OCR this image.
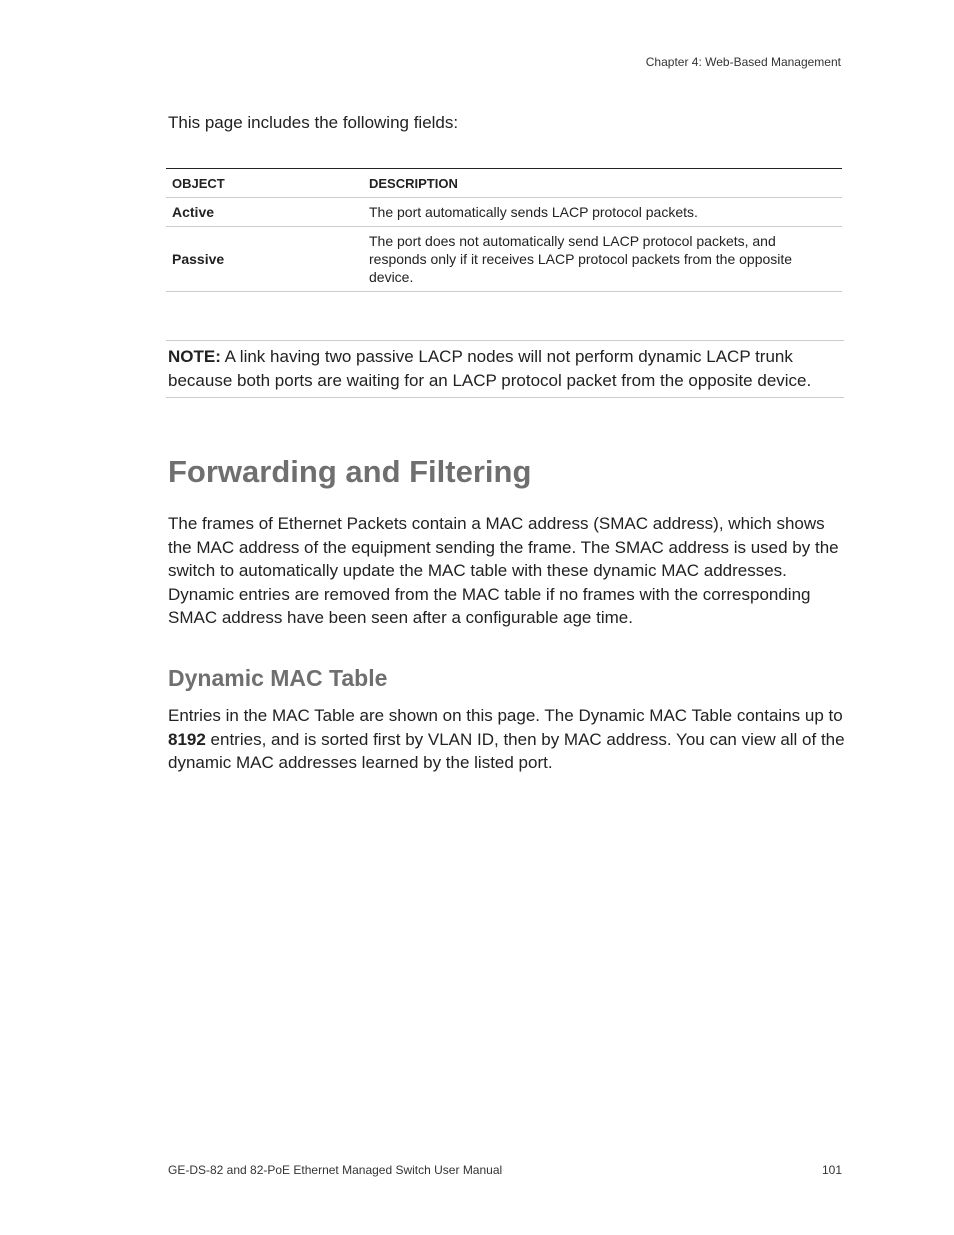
Chapter 4: Web-Based Management
This page includes the following fields:
OBJECT	DESCRIPTION
Active	The port automatically sends LACP protocol packets.
Passive	The port does not automatically send LACP protocol packets, and responds only if it receives LACP protocol packets from the opposite device.
NOTE: A link having two passive LACP nodes will not perform dynamic LACP trunk because both ports are waiting for an LACP protocol packet from the opposite device.
Forwarding and Filtering

The frames of Ethernet Packets contain a MAC address (SMAC address), which shows the MAC address of the equipment sending the frame. The SMAC address is used by the switch to automatically update the MAC table with these dynamic MAC addresses. Dynamic entries are removed from the MAC table if no frames with the corresponding SMAC address have been seen after a configurable age time.

Dynamic MAC Table

Entries in the MAC Table are shown on this page. The Dynamic MAC Table contains up to 8192 entries, and is sorted first by VLAN ID, then by MAC address. You can view all of the dynamic MAC addresses learned by the listed port.

GE-DS-82 and 82-PoE Ethernet Managed Switch User Manual	101
